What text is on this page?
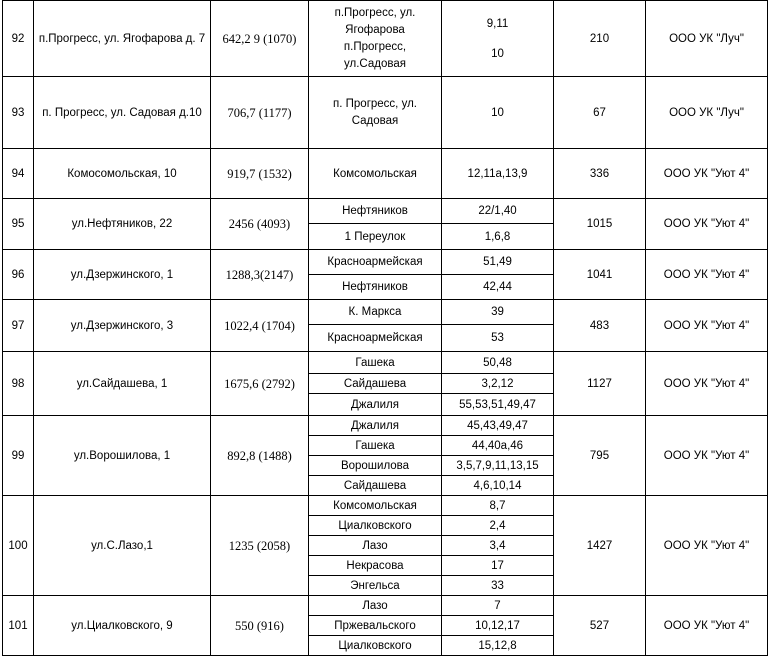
92	п.Прогресс, ул. Ягофарова д. 7	642,2 9 (1070)	п.Прогресс, ул.
Ягофарова
п.Прогресс,
ул.Садовая	9,11
10	210	ООО УК "Луч"
93	п. Прогресс, ул. Садовая д.10	706,7 (1177)	п. Прогресс, ул.
Садовая	10	67	ООО УК "Луч"
94	Комосомольская, 10	919,7 (1532)	Комсомольская	12,11а,13,9	336	ООО УК "Уют 4"
95	ул.Нефтяников, 22	2456 (4093)	Нефтяников	22/1,40	1015	ООО УК "Уют 4"
			1 Переулок	1,6,8		
96	ул.Дзержинского, 1	1288,3(2147)	Красноармейская	51,49	1041	ООО УК "Уют 4"
			Нефтяников	42,44		
97	ул.Дзержинского, 3	1022,4 (1704)	К. Маркса	39	483	ООО УК "Уют 4"
			Красноармейская	53		
98	ул.Сайдашева, 1	1675,6 (2792)	Гашека	50,48	1127	ООО УК "Уют 4"
			Сайдашева	3,2,12		
			Джалиля	55,53,51,49,47		
99	ул.Ворошилова, 1	892,8 (1488)	Джалиля	45,43,49,47	795	ООО УК "Уют 4"
			Гашека	44,40а,46		
			Ворошилова	3,5,7,9,11,13,15		
			Сайдашева	4,6,10,14		
100	ул.С.Лазо,1	1235 (2058)	Комсомольская	8,7	1427	ООО УК "Уют 4"
			Циалковского	2,4		
			Лазо	3,4		
			Некрасова	17		
			Энгельса	33		
101	ул.Циалковского, 9	550 (916)	Лазо	7	527	ООО УК "Уют 4"
			Пржевальского	10,12,17		
			Циалковского	15,12,8		
